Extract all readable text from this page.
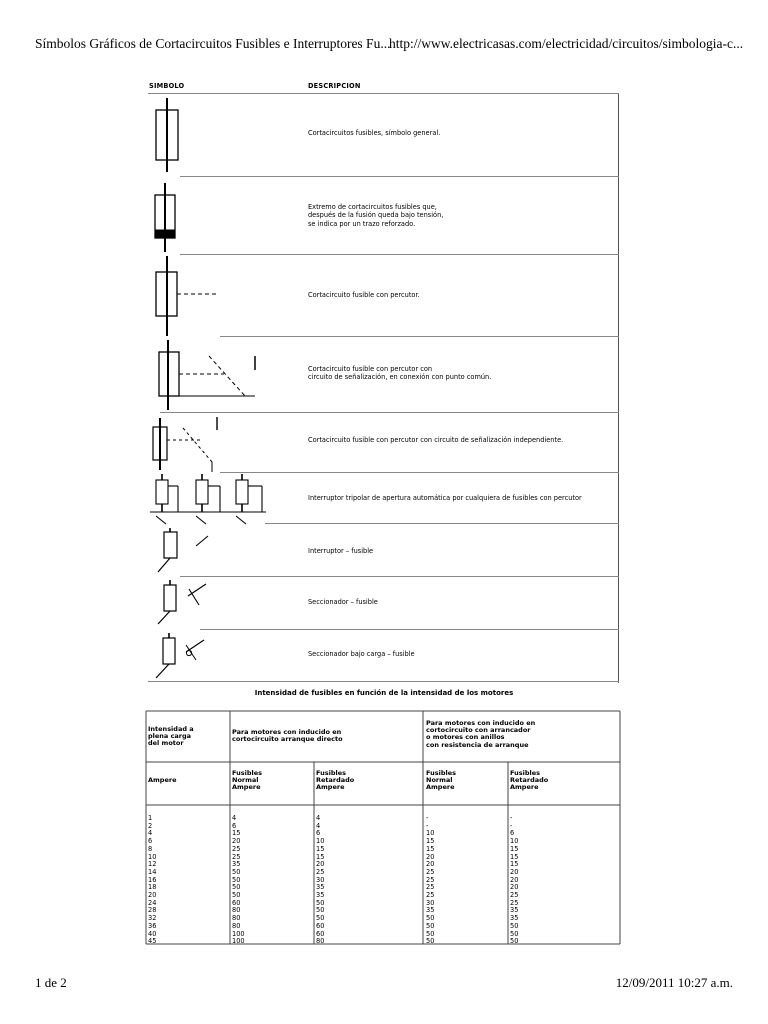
Símbolos Gráficos de Cortacircuitos Fusibles e Interruptores Fu...
http://www.electricasas.com/electricidad/circuitos/simbologia-c...
SIMBOLO	DESCRIPCION
Cortacircuitos fusibles, símbolo general.
Extremo de cortacircuitos fusibles que,
después de la fusión queda bajo tensión,
se indica por un trazo reforzado.
Cortacircuito fusible con percutor.
Cortacircuito fusible con percutor con
circuito de señalización, en conexión con punto común.
Cortacircuito fusible con percutor con circuito de señalización independiente.
Interruptor tripolar de apertura automática por cualquiera de fusibles con percutor
Interruptor – fusible
Seccionador – fusible
Seccionador bajo carga – fusible
Intensidad de fusibles en función de la intensidad de los motores
Intensidad a
plena carga
del motor
Para motores con inducido en
cortocircuito arranque directo
Para motores con inducido en
cortocircuito con arrancador
o motores con anillos
con resistencia de arranque
Ampere
Fusibles
Normal
Ampere
Fusibles
Retardado
Ampere
Fusibles
Normal
Ampere
Fusibles
Retardado
Ampere
1
2
4
6
8
10
12
14
16
18
20
24
28
32
36
40
45
4
6
15
20
25
25
35
50
50
50
50
60
80
80
80
100
100
4
4
6
10
15
15
20
25
30
35
35
50
50
50
60
60
80
-
-
10
15
15
20
20
25
25
25
25
30
35
50
50
50
50
-
-
6
10
15
15
15
20
20
20
25
25
35
35
50
50
50
1 de 2	12/09/2011 10:27 a.m.
